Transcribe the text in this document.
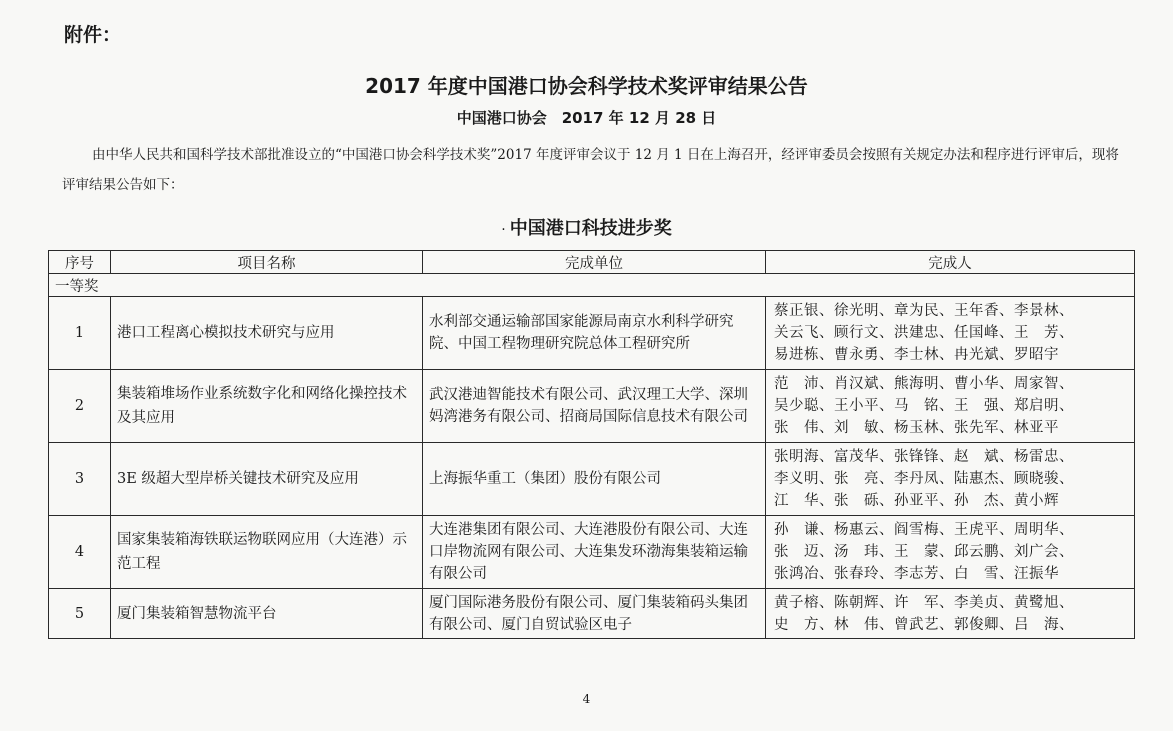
附件：
2017 年度中国港口协会科学技术奖评审结果公告
中国港口协会　2017 年 12 月 28 日
由中华人民共和国科学技术部批准设立的“中国港口协会科学技术奖”2017 年度评审会议于 12 月 1 日在上海召开，经评审委员会按照有关规定办法和程序进行评审后，现将评审结果公告如下：
· 中国港口科技进步奖
序号	项目名称	完成单位	完成人
一等奖			
1	港口工程离心模拟技术研究与应用	水利部交通运输部国家能源局南京水利科学研究院、中国工程物理研究院总体工程研究所	蔡正银、徐光明、章为民、王年香、李景林、
关云飞、顾行文、洪建忠、任国峰、王　芳、
易进栋、曹永勇、李士林、冉光斌、罗昭宇

2	集装箱堆场作业系统数字化和网络化操控技术及其应用	武汉港迪智能技术有限公司、武汉理工大学、深圳妈湾港务有限公司、招商局国际信息技术有限公司	范　沛、肖汉斌、熊海明、曹小华、周家智、
吴少聪、王小平、马　铭、王　强、郑启明、
张　伟、刘　敏、杨玉林、张先军、林亚平

3	3E 级超大型岸桥关键技术研究及应用	上海振华重工（集团）股份有限公司	张明海、富茂华、张锋锋、赵　斌、杨雷忠、
李义明、张　亮、李丹凤、陆惠杰、顾晓骏、
江　华、张　砾、孙亚平、孙　杰、黄小辉

4	国家集装箱海铁联运物联网应用（大连港）示范工程	大连港集团有限公司、大连港股份有限公司、大连口岸物流网有限公司、大连集发环渤海集装箱运输有限公司	孙　谦、杨惠云、阎雪梅、王虎平、周明华、
张　迈、汤　玮、王　蒙、邱云鹏、刘广会、
张鸿冶、张春玲、李志芳、白　雪、汪振华

5	厦门集装箱智慧物流平台	厦门国际港务股份有限公司、厦门集装箱码头集团有限公司、厦门自贸试验区电子	黄子榕、陈朝辉、许　军、李美贞、黄鹭旭、
史　方、林　伟、曾武艺、郭俊卿、吕　海、
4
